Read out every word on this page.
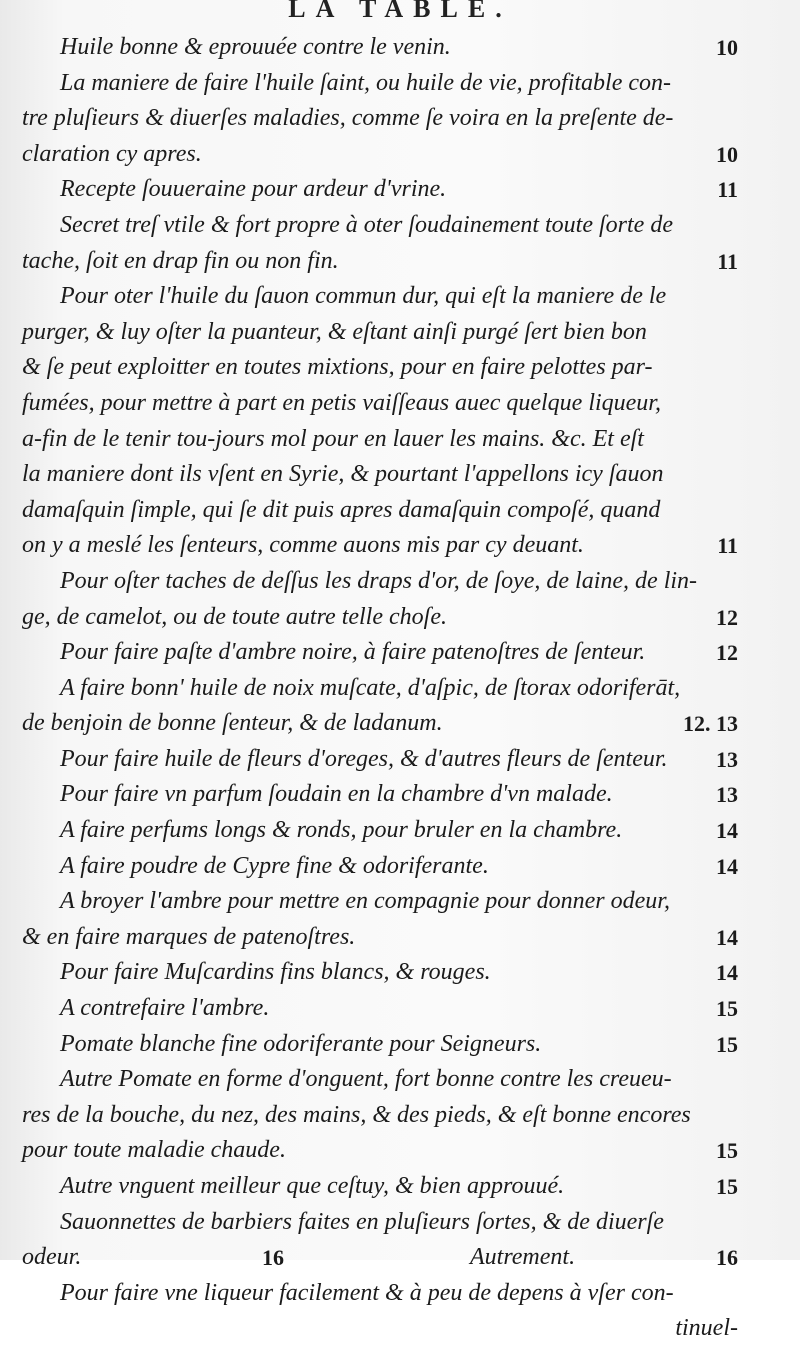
LA TABLE.
Huile bonne & eprouuée contre le venin.	10
La maniere de faire l'huile ſaint, ou huile de vie, profitable con-
tre pluſieurs & diuerſes maladies, comme ſe voira en la preſente de-
claration cy apres.	10
Recepte ſouueraine pour ardeur d'vrine.	11
Secret treſ vtile & fort propre à oter ſoudainement toute ſorte de
tache, ſoit en drap fin ou non fin.	11
Pour oter l'huile du ſauon commun dur, qui eſt la maniere de le
purger, & luy oſter la puanteur, & eſtant ainſi purgé ſert bien bon
& ſe peut exploitter en toutes mixtions, pour en faire pelottes par-
fumées, pour mettre à part en petis vaiſſeaus auec quelque liqueur,
a-fin de le tenir tou-jours mol pour en lauer les mains. &c. Et eſt
la maniere dont ils vſent en Syrie, & pourtant l'appellons icy ſauon
damaſquin ſimple, qui ſe dit puis apres damaſquin compoſé, quand
on y a meslé les ſenteurs, comme auons mis par cy deuant.	11
Pour oſter taches de deſſus les draps d'or, de ſoye, de laine, de lin-
ge, de camelot, ou de toute autre telle choſe.	12
Pour faire paſte d'ambre noire, à faire patenoſtres de ſenteur.	12
A faire bonn' huile de noix muſcate, d'aſpic, de ſtorax odoriferāt,
de benjoin de bonne ſenteur, & de ladanum.	12. 13
Pour faire huile de fleurs d'oreges, & d'autres fleurs de ſenteur. 13
Pour faire vn parfum ſoudain en la chambre d'vn malade.	13
A faire perfums longs & ronds, pour bruler en la chambre.	14
A faire poudre de Cypre fine & odoriferante.	14
A broyer l'ambre pour mettre en compagnie pour donner odeur,
& en faire marques de patenoſtres.	14
Pour faire Muſcardins fins blancs, & rouges.	14
A contrefaire l'ambre.	15
Pomate blanche fine odoriferante pour Seigneurs.	15
Autre Pomate en forme d'onguent, fort bonne contre les creueu-
res de la bouche, du nez, des mains, & des pieds, & eſt bonne encores
pour toute maladie chaude.	15
Autre vnguent meilleur que ceſtuy, & bien approuué.	15
Sauonnettes de barbiers faites en pluſieurs ſortes, & de diuerſe
odeur.	16	Autrement.	16
Pour faire vne liqueur facilement & à peu de depens à vſer con-
tinuel-
